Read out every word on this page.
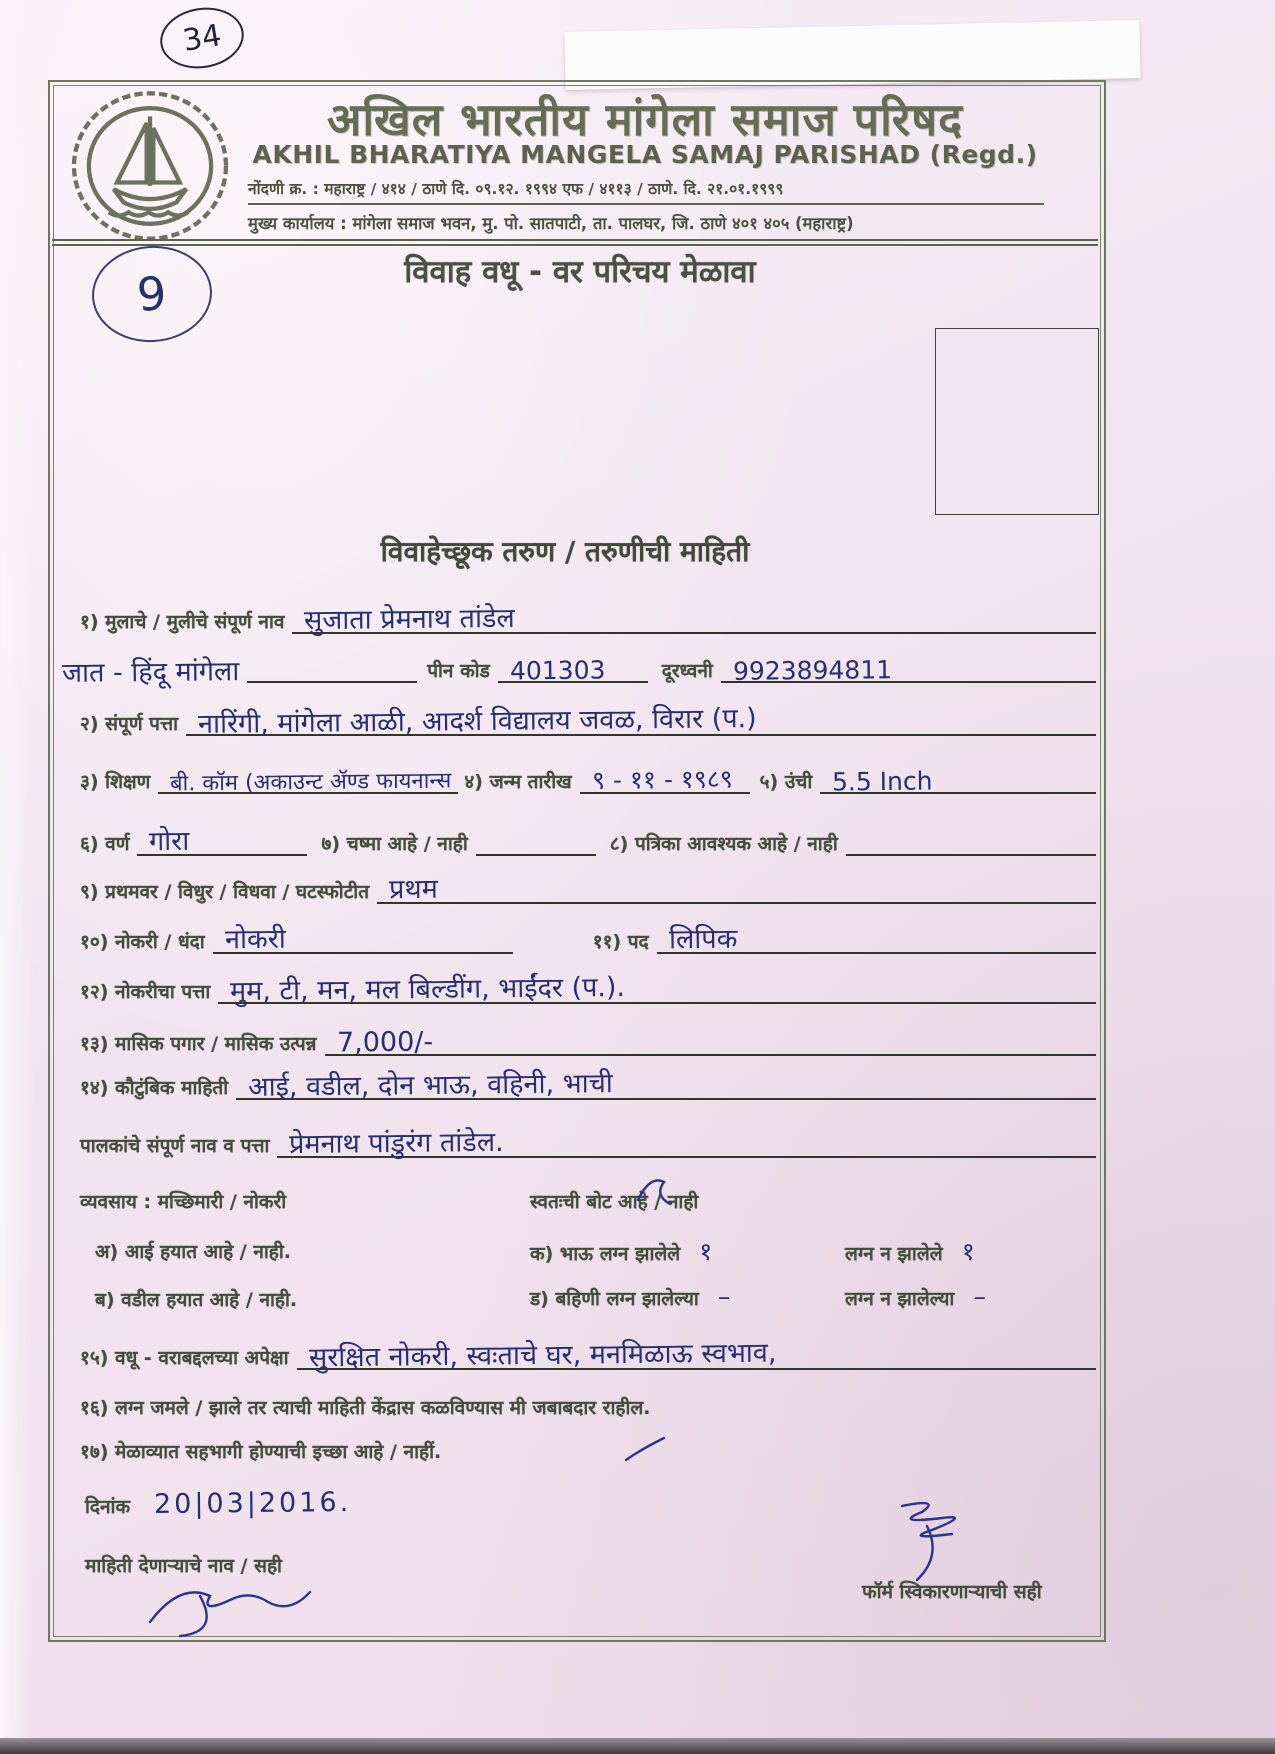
34
अखिल भारतीय मांगेला समाज परिषद
AKHIL BHARATIYA MANGELA SAMAJ PARISHAD (Regd.)
नोंदणी क्र. : महाराष्ट्र / ४१४ / ठाणे दि. ०९.१२. १९९४ एफ / ४११३ / ठाणे. दि. २१.०१.१९९९
मुख्य कार्यालय : मांगेला समाज भवन, मु. पो. सातपाटी, ता. पालघर, जि. ठाणे ४०१ ४०५ (महाराष्ट्र)
9	विवाह वधू - वर परिचय मेळावा
विवाहेच्छूक तरुण / तरुणीची माहिती
१) मुलाचे / मुलीचे संपूर्ण नाव सुजाता प्रेमनाथ तांडेल
जात - हिंदू मांगेला	पीन कोड 401303	दूरध्वनी 9923894811
२) संपूर्ण पत्ता नारिंगी, मांगेला आळी, आदर्श विद्यालय जवळ, विरार (प.)
३) शिक्षण बी. कॉम (अकाउन्ट ॲण्ड फायनान्स ४) जन्म तारीख ९ - ११ - १९८९ ५) उंची 5.5 Inch
६) वर्ण गोरा	७) चष्मा आहे / नाही	८) पत्रिका आवश्यक आहे / नाही
९) प्रथमवर / विधुर / विधवा / घटस्फोटीत प्रथम
१०) नोकरी / धंदा नोकरी	११) पद लिपिक
१२) नोकरीचा पत्ता मुम, टी, मन, मल बिल्डींग, भाईंदर (प.).
१३) मासिक पगार / मासिक उत्पन्न 7,000/-
१४) कौटुंबिक माहिती आई, वडील, दोन भाऊ, वहिनी, भाची
पालकांचे संपूर्ण नाव व पत्ता प्रेमनाथ पांडुरंग तांडेल.
व्यवसाय : मच्छिमारी / नोकरी	स्वतःची बोट आहे / नाही
अ) आई हयात आहे / नाही.	क) भाऊ लग्न झालेले १	लग्न न झालेले १
ब) वडील हयात आहे / नाही.	ड) बहिणी लग्न झालेल्या –	लग्न न झालेल्या –
१५) वधू - वराबद्दलच्या अपेक्षा सुरक्षित नोकरी, स्वःताचे घर, मनमिळाऊ स्वभाव,
१६) लग्न जमले / झाले तर त्याची माहिती केंद्रास कळविण्यास मी जबाबदार राहील.
१७) मेळाव्यात सहभागी होण्याची इच्छा आहे / नाहीं.
दिनांक 20|03|2016.
माहिती देणाऱ्याचे नाव / सही
फॉर्म स्विकारणाऱ्याची सही
